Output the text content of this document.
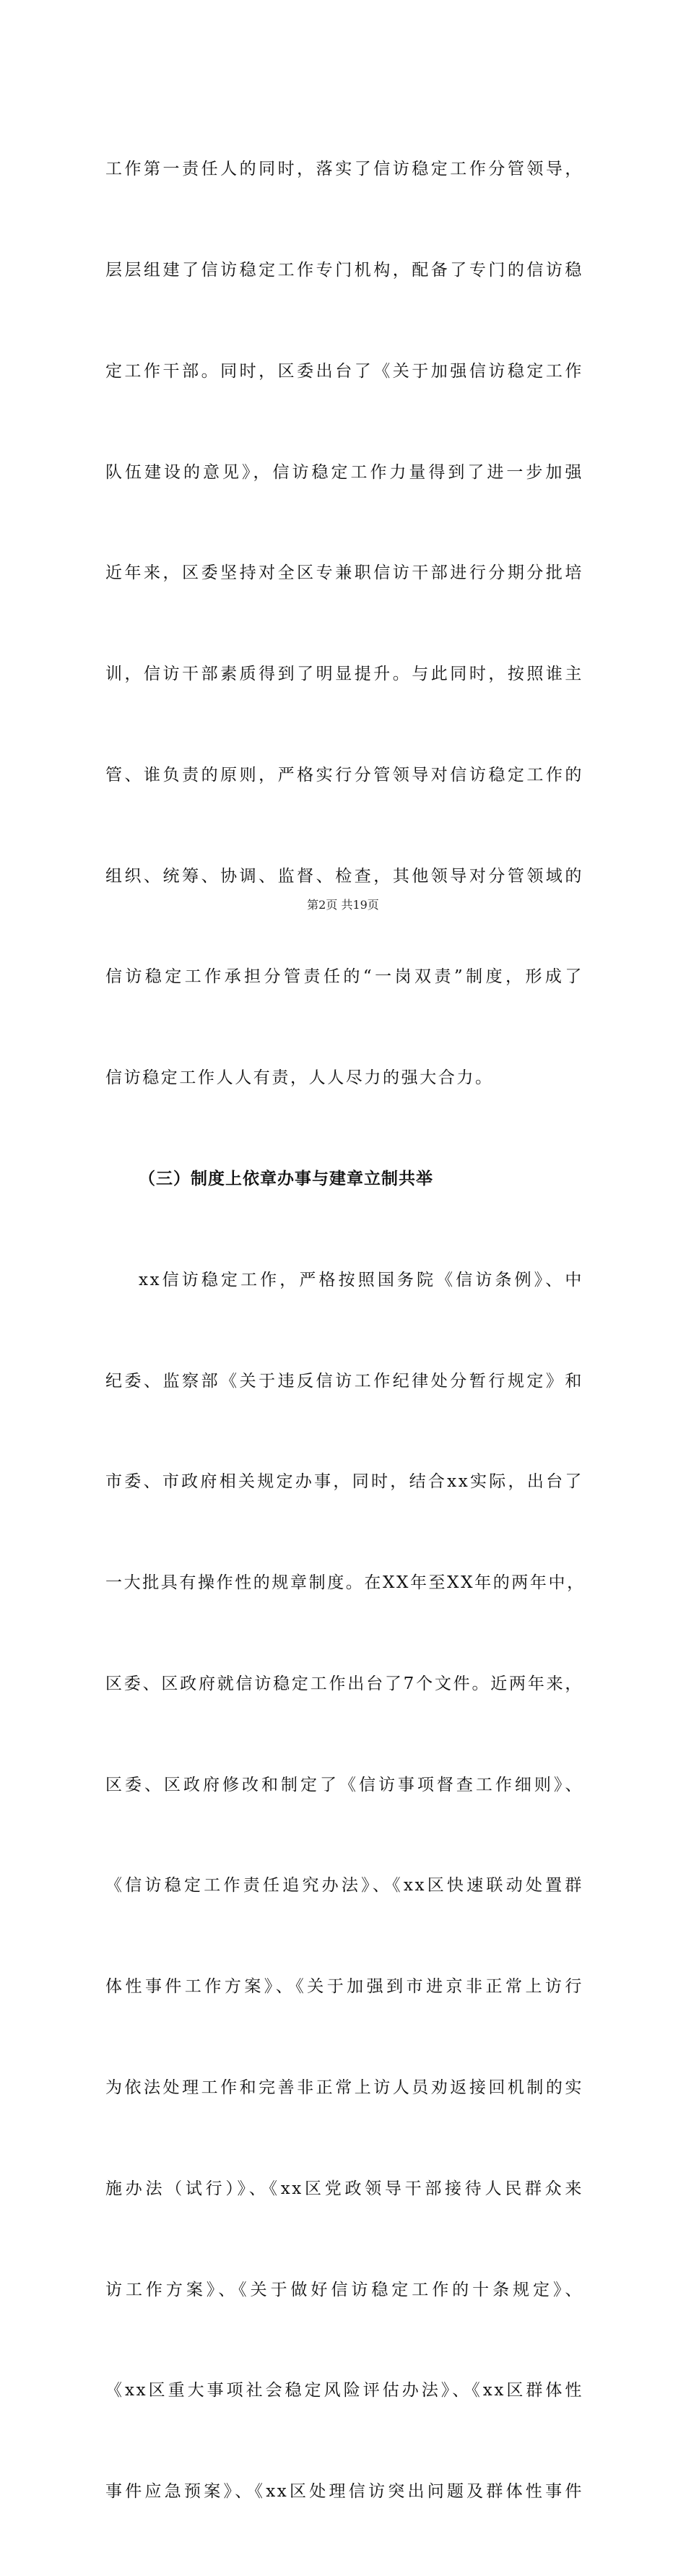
工作第一责任人的同时，落实了信访稳定工作分管领导，

层层组建了信访稳定工作专门机构，配备了专门的信访稳

定工作干部。同时，区委出台了《关于加强信访稳定工作

队伍建设的意见》，信访稳定工作力量得到了进一步加强

近年来，区委坚持对全区专兼职信访干部进行分期分批培

训，信访干部素质得到了明显提升。与此同时，按照谁主

管、谁负责的原则，严格实行分管领导对信访稳定工作的

组织、统筹、协调、监督、检查，其他领导对分管领域的

信访稳定工作承担分管责任的“一岗双责”制度，形成了

信访稳定工作人人有责，人人尽力的强大合力。

（三）制度上依章办事与建章立制共举

xx信访稳定工作，严格按照国务院《信访条例》、中

纪委、监察部《关于违反信访工作纪律处分暂行规定》和

市委、市政府相关规定办事，同时，结合xx实际，出台了

一大批具有操作性的规章制度。在XX年至XX年的两年中，

区委、区政府就信访稳定工作出台了7个文件。近两年来，

区委、区政府修改和制定了《信访事项督查工作细则》、

《信访稳定工作责任追究办法》、《xx区快速联动处置群

体性事件工作方案》、《关于加强到市进京非正常上访行

为依法处理工作和完善非正常上访人员劝返接回机制的实

施办法（试行）》、《xx区党政领导干部接待人民群众来

访工作方案》、《关于做好信访稳定工作的十条规定》、

《xx区重大事项社会稳定风险评估办法》、《xx区群体性

事件应急预案》、《xx区处理信访突出问题及群体性事件

第2页 共19页
